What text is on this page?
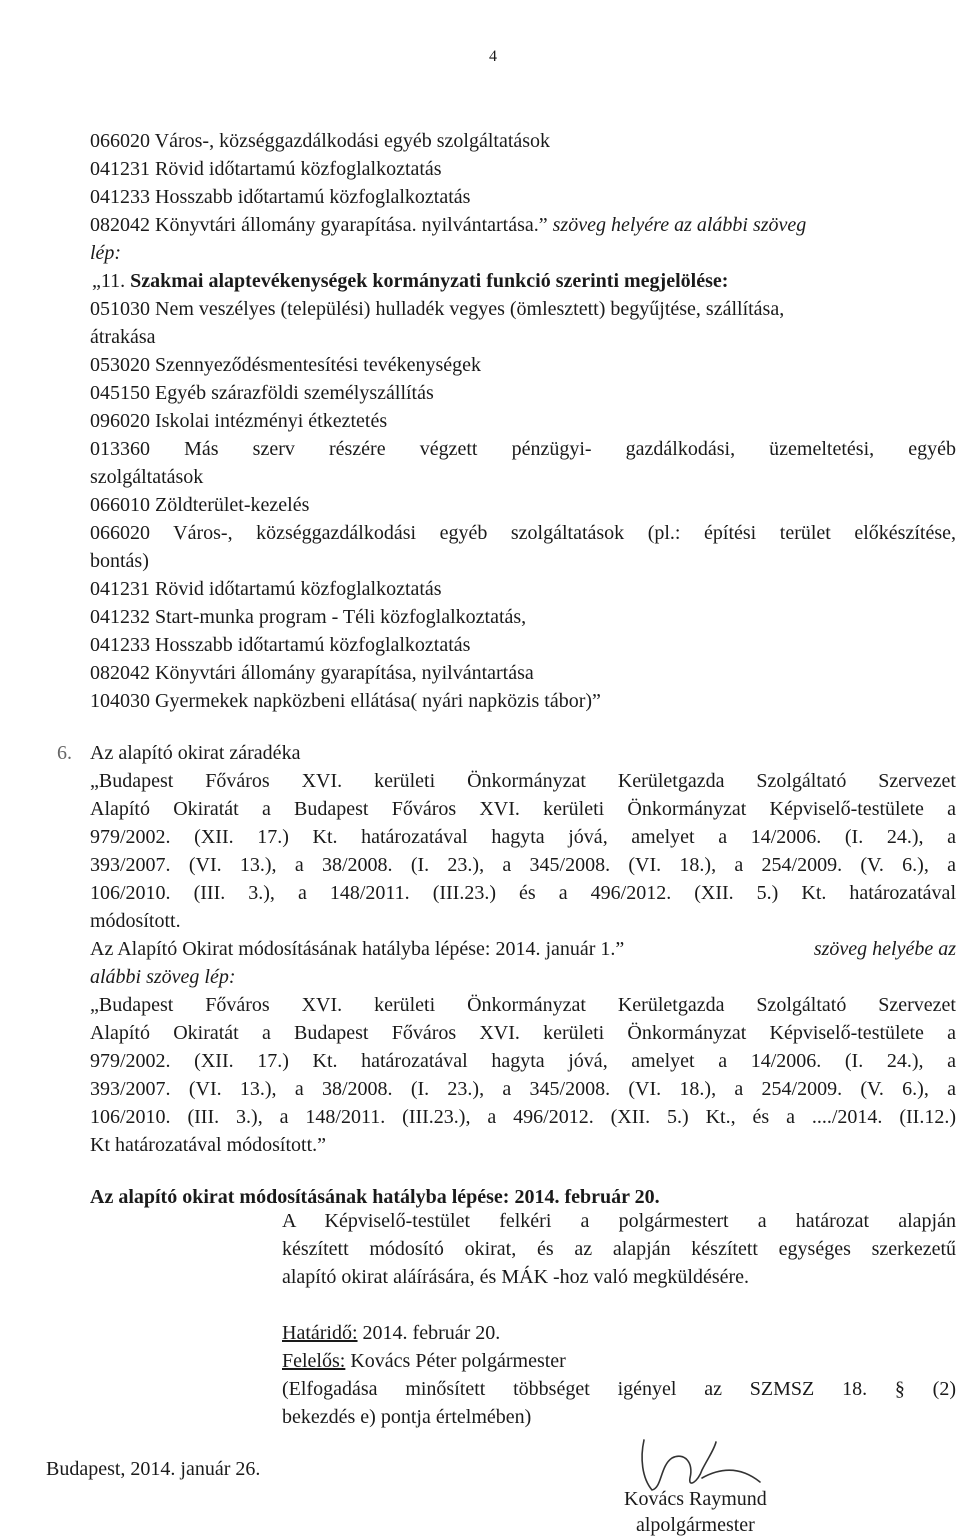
4
066020 Város-, községgazdálkodási egyéb szolgáltatások
041231 Rövid időtartamú közfoglalkoztatás
041233 Hosszabb időtartamú közfoglalkoztatás
082042 Könyvtári állomány gyarapítása. nyilvántartása.” szöveg helyére az alábbi szöveg
lép:
„11. Szakmai alaptevékenységek kormányzati funkció szerinti megjelölése:
051030 Nem veszélyes (települési) hulladék vegyes (ömlesztett) begyűjtése, szállítása,
átrakása
053020 Szennyeződésmentesítési tevékenységek
045150 Egyéb szárazföldi személyszállítás
096020 Iskolai intézményi étkeztetés
013360 Más szerv részére végzett pénzügyi- gazdálkodási, üzemeltetési, egyéb
szolgáltatások
066010 Zöldterület-kezelés
066020 Város-, községgazdálkodási egyéb szolgáltatások (pl.: építési terület előkészítése,
bontás)
041231 Rövid időtartamú közfoglalkoztatás
041232 Start-munka program - Téli közfoglalkoztatás,
041233 Hosszabb időtartamú közfoglalkoztatás
082042 Könyvtári állomány gyarapítása, nyilvántartása
104030 Gyermekek napközbeni ellátása( nyári napközis tábor)”
6. Az alapító okirat záradéka
„Budapest Főváros XVI. kerületi Önkormányzat Kerületgazda Szolgáltató Szervezet
Alapító Okiratát a Budapest Főváros XVI. kerületi Önkormányzat Képviselő-testülete a
979/2002. (XII. 17.) Kt. határozatával hagyta jóvá, amelyet a 14/2006. (I. 24.), a
393/2007. (VI. 13.), a 38/2008. (I. 23.), a 345/2008. (VI. 18.), a 254/2009. (V. 6.), a
106/2010. (III. 3.), a 148/2011. (III.23.) és a 496/2012. (XII. 5.) Kt. határozatával
módosított.
Az Alapító Okirat módosításának hatályba lépése: 2014. január 1.”	szöveg helyébe az
alábbi szöveg lép:
„Budapest Főváros XVI. kerületi Önkormányzat Kerületgazda Szolgáltató Szervezet
Alapító Okiratát a Budapest Főváros XVI. kerületi Önkormányzat Képviselő-testülete a
979/2002. (XII. 17.) Kt. határozatával hagyta jóvá, amelyet a 14/2006. (I. 24.), a
393/2007. (VI. 13.), a 38/2008. (I. 23.), a 345/2008. (VI. 18.), a 254/2009. (V. 6.), a
106/2010. (III. 3.), a 148/2011. (III.23.), a 496/2012. (XII. 5.) Kt., és a ..../2014. (II.12.)
Kt határozatával módosított.”
Az alapító okirat módosításának hatályba lépése: 2014. február 20.
A Képviselő-testület felkéri a polgármestert a határozat alapján
készített módosító okirat, és az alapján készített egységes szerkezetű
alapító okirat aláírására, és MÁK -hoz való megküldésére.
Határidő: 2014. február 20.
Felelős: Kovács Péter polgármester
(Elfogadása minősített többséget igényel az SZMSZ 18. § (2)
bekezdés e) pontja értelmében)
Budapest, 2014. január 26.
Kovács Raymund
alpolgármester
